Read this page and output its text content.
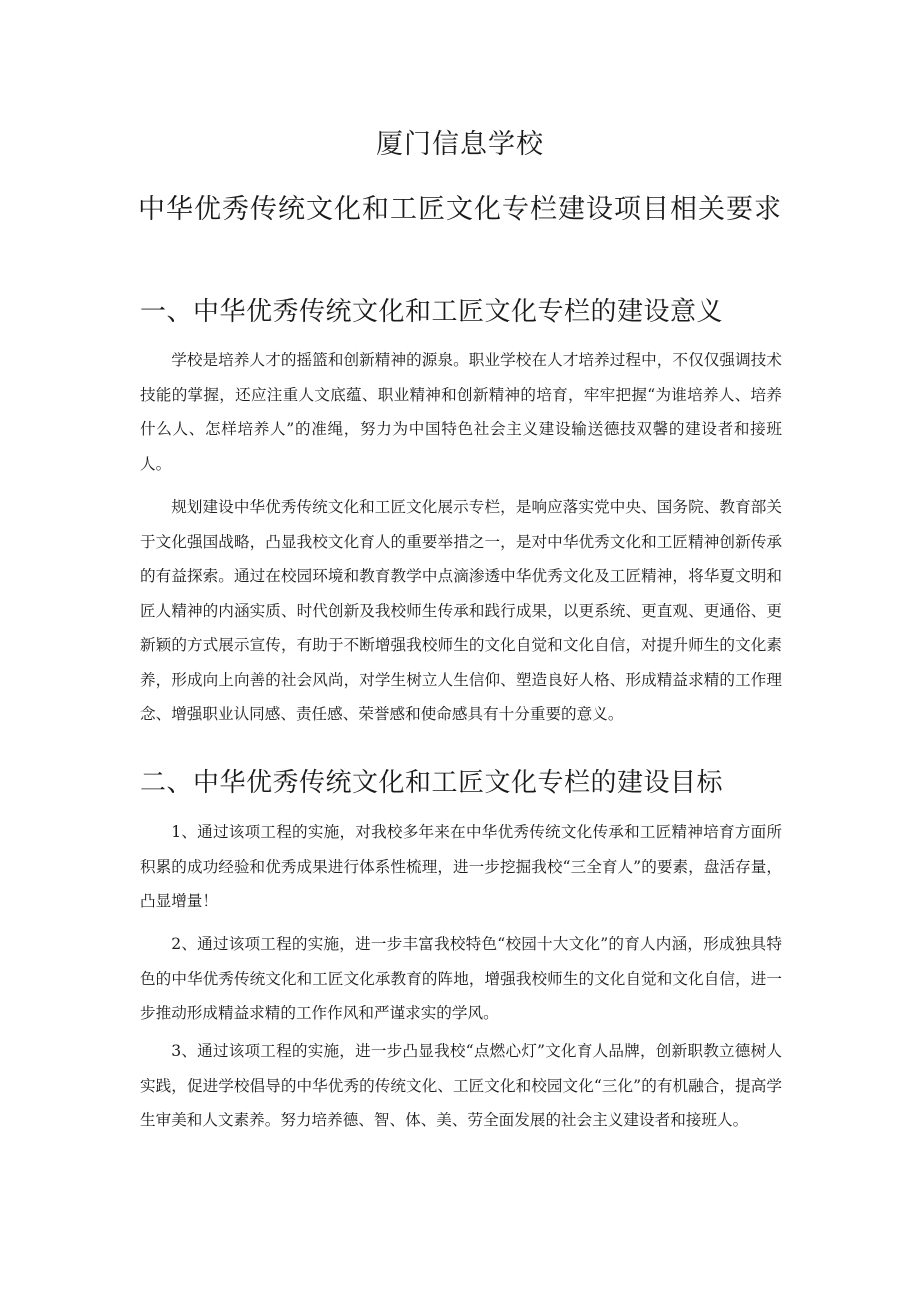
厦门信息学校
中华优秀传统文化和工匠文化专栏建设项目相关要求
一、中华优秀传统文化和工匠文化专栏的建设意义

学校是培养人才的摇篮和创新精神的源泉。职业学校在人才培养过程中，不仅仅强调技术技能的掌握，还应注重人文底蕴、职业精神和创新精神的培育，牢牢把握“为谁培养人、培养什么人、怎样培养人”的准绳，努力为中国特色社会主义建设输送德技双馨的建设者和接班人。

规划建设中华优秀传统文化和工匠文化展示专栏，是响应落实党中央、国务院、教育部关于文化强国战略，凸显我校文化育人的重要举措之一，是对中华优秀文化和工匠精神创新传承的有益探索。通过在校园环境和教育教学中点滴渗透中华优秀文化及工匠精神，将华夏文明和匠人精神的内涵实质、时代创新及我校师生传承和践行成果，以更系统、更直观、更通俗、更新颖的方式展示宣传，有助于不断增强我校师生的文化自觉和文化自信，对提升师生的文化素养，形成向上向善的社会风尚，对学生树立人生信仰、塑造良好人格、形成精益求精的工作理念、增强职业认同感、责任感、荣誉感和使命感具有十分重要的意义。

二、中华优秀传统文化和工匠文化专栏的建设目标

1、通过该项工程的实施，对我校多年来在中华优秀传统文化传承和工匠精神培育方面所积累的成功经验和优秀成果进行体系性梳理，进一步挖掘我校“三全育人”的要素，盘活存量，凸显增量！

2、通过该项工程的实施，进一步丰富我校特色“校园十大文化”的育人内涵，形成独具特色的中华优秀传统文化和工匠文化承教育的阵地，增强我校师生的文化自觉和文化自信，进一步推动形成精益求精的工作作风和严谨求实的学风。

3、通过该项工程的实施，进一步凸显我校“点燃心灯”文化育人品牌，创新职教立德树人实践，促进学校倡导的中华优秀的传统文化、工匠文化和校园文化“三化”的有机融合，提高学生审美和人文素养。努力培养德、智、体、美、劳全面发展的社会主义建设者和接班人。
